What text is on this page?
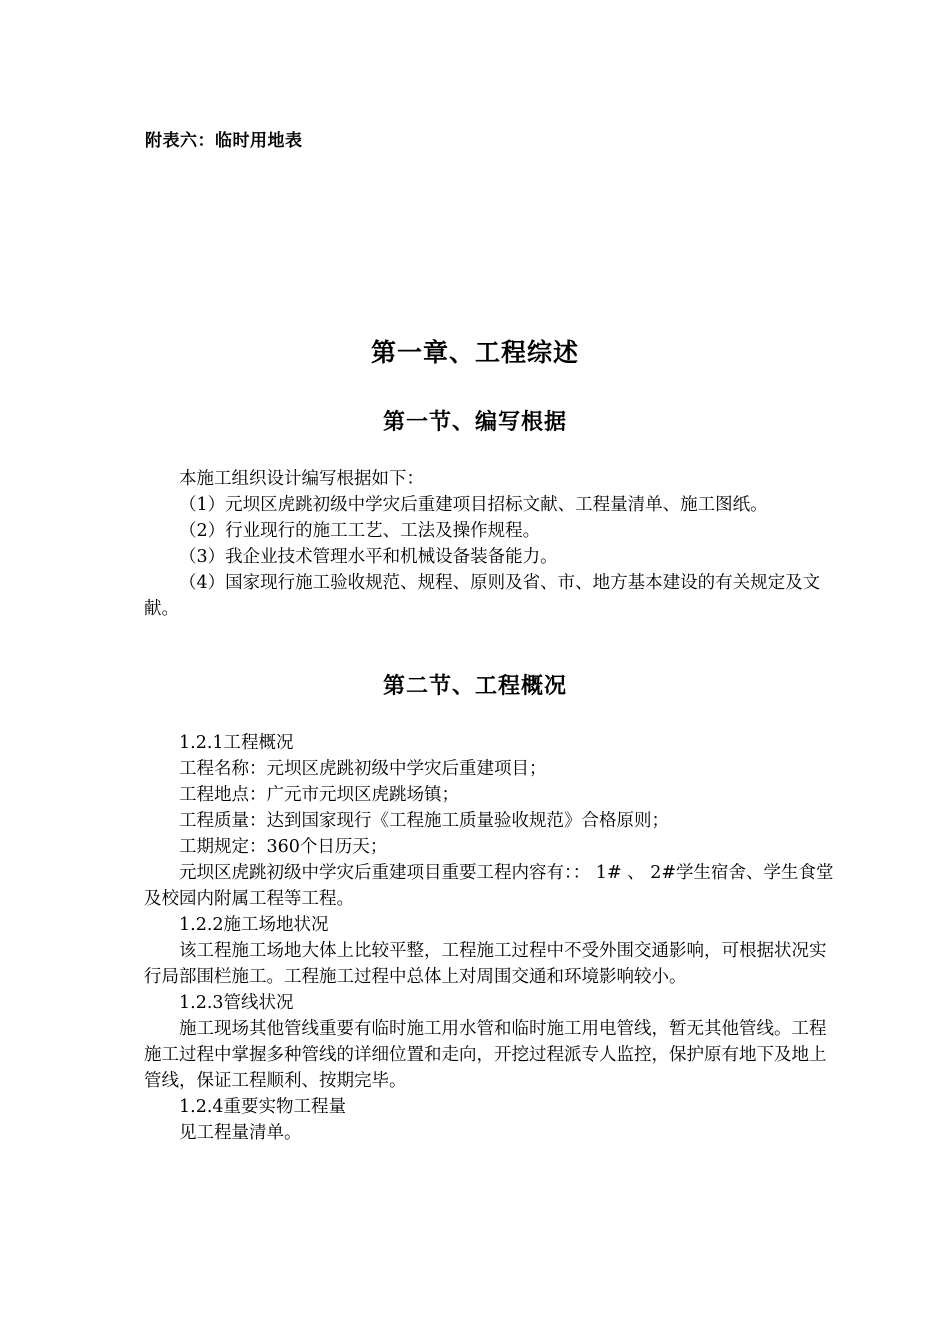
附表六：临时用地表
第一章、工程综述
第一节、编写根据

本施工组织设计编写根据如下：

（1）元坝区虎跳初级中学灾后重建项目招标文献、工程量清单、施工图纸。

（2）行业现行的施工工艺、工法及操作规程。

（3）我企业技术管理水平和机械设备装备能力。

（4）国家现行施工验收规范、规程、原则及省、市、地方基本建设的有关规定及文献。

第二节、工程概况

1.2.1工程概况

工程名称：元坝区虎跳初级中学灾后重建项目；

工程地点：广元市元坝区虎跳场镇；

工程质量：达到国家现行《工程施工质量验收规范》合格原则；

工期规定：360个日历天；

元坝区虎跳初级中学灾后重建项目重要工程内容有：： 1# 、 2#学生宿舍、学生食堂及校园内附属工程等工程。

1.2.2施工场地状况

该工程施工场地大体上比较平整，工程施工过程中不受外围交通影响，可根据状况实行局部围栏施工。工程施工过程中总体上对周围交通和环境影响较小。

1.2.3管线状况

施工现场其他管线重要有临时施工用水管和临时施工用电管线，暂无其他管线。工程施工过程中掌握多种管线的详细位置和走向，开挖过程派专人监控，保护原有地下及地上管线，保证工程顺利、按期完毕。

1.2.4重要实物工程量

见工程量清单。
